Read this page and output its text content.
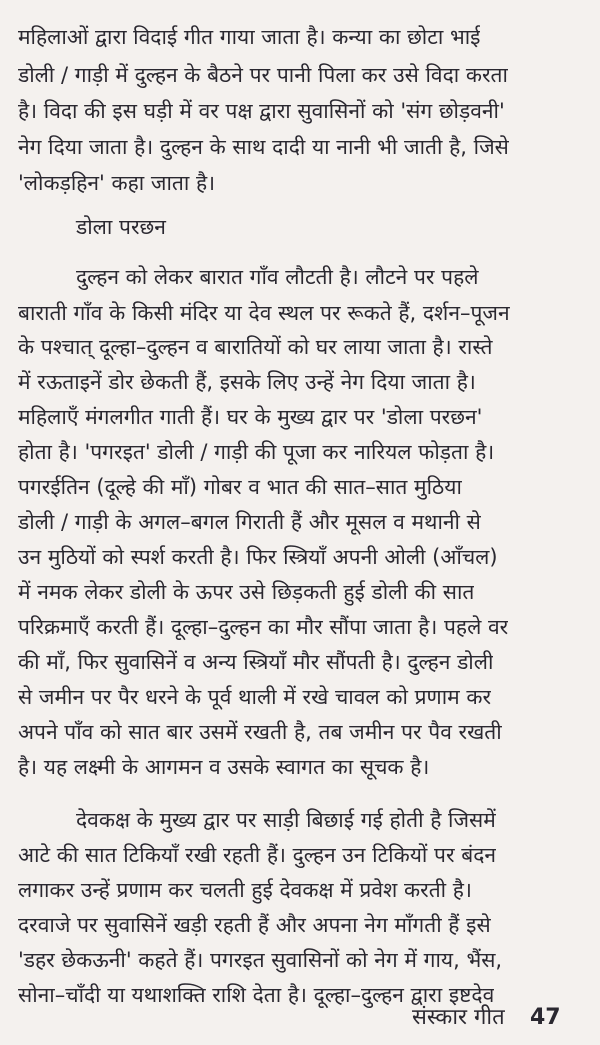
महिलाओं द्वारा विदाई गीत गाया जाता है। कन्या का छोटा भाई
डोली / गाड़ी में दुल्हन के बैठने पर पानी पिला कर उसे विदा करता
है। विदा की इस घड़ी में वर पक्ष द्वारा सुवासिनों को 'संग छोड़वनी'
नेग दिया जाता है। दुल्हन के साथ दादी या नानी भी जाती है, जिसे
'लोकड़हिन' कहा जाता है।
डोला परछन
दुल्हन को लेकर बारात गाँव लौटती है। लौटने पर पहले
बाराती गाँव के किसी मंदिर या देव स्थल पर रूकते हैं, दर्शन–पूजन
के पश्चात् दूल्हा–दुल्हन व बारातियों को घर लाया जाता है। रास्ते
में रऊताइनें डोर छेकती हैं, इसके लिए उन्हें नेग दिया जाता है।
महिलाएँ मंगलगीत गाती हैं। घर के मुख्य द्वार पर 'डोला परछन'
होता है। 'पगरइत' डोली / गाड़ी की पूजा कर नारियल फोड़ता है।
पगरईतिन (दूल्हे की माँ) गोबर व भात की सात–सात मुठिया
डोली / गाड़ी के अगल–बगल गिराती हैं और मूसल व मथानी से
उन मुठियों को स्पर्श करती है। फिर स्त्रियाँ अपनी ओली (आँचल)
में नमक लेकर डोली के ऊपर उसे छिड़कती हुई डोली की सात
परिक्रमाएँ करती हैं। दूल्हा–दुल्हन का मौर सौंपा जाता है। पहले वर
की माँ, फिर सुवासिनें व अन्य स्त्रियाँ मौर सौंपती है। दुल्हन डोली
से जमीन पर पैर धरने के पूर्व थाली में रखे चावल को प्रणाम कर
अपने पाँव को सात बार उसमें रखती है, तब जमीन पर पैव रखती
है। यह लक्ष्मी के आगमन व उसके स्वागत का सूचक है।
देवकक्ष के मुख्य द्वार पर साड़ी बिछाई गई होती है जिसमें
आटे की सात टिकियाँ रखी रहती हैं। दुल्हन उन टिकियों पर बंदन
लगाकर उन्हें प्रणाम कर चलती हुई देवकक्ष में प्रवेश करती है।
दरवाजे पर सुवासिनें खड़ी रहती हैं और अपना नेग माँगती हैं इसे
'डहर छेकऊनी' कहते हैं। पगरइत सुवासिनों को नेग में गाय, भैंस,
सोना–चाँदी या यथाशक्ति राशि देता है। दूल्हा–दुल्हन द्वारा इष्टदेव
संस्कार गीत 47
